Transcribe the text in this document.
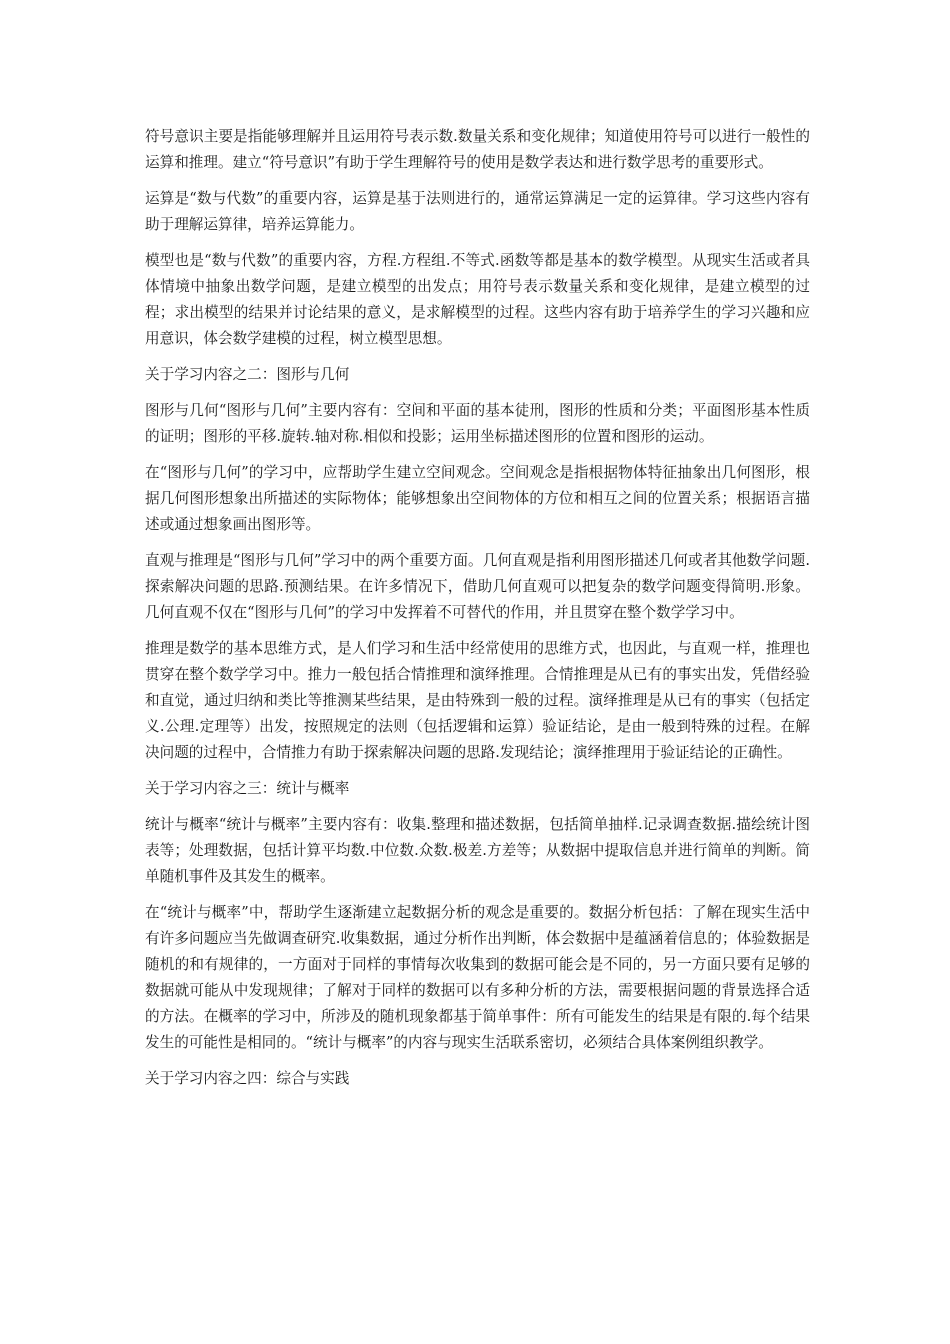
符号意识主要是指能够理解并且运用符号表示数.数量关系和变化规律；知道使用符号可以进行一般性的运算和推理。建立“符号意识”有助于学生理解符号的使用是数学表达和进行数学思考的重要形式。

运算是“数与代数”的重要内容，运算是基于法则进行的，通常运算满足一定的运算律。学习这些内容有助于理解运算律，培养运算能力。

模型也是“数与代数”的重要内容，方程.方程组.不等式.函数等都是基本的数学模型。从现实生活或者具体情境中抽象出数学问题，是建立模型的出发点；用符号表示数量关系和变化规律，是建立模型的过程；求出模型的结果并讨论结果的意义，是求解模型的过程。这些内容有助于培养学生的学习兴趣和应用意识，体会数学建模的过程，树立模型思想。

关于学习内容之二：图形与几何

图形与几何“图形与几何”主要内容有：空间和平面的基本徒刑，图形的性质和分类；平面图形基本性质的证明；图形的平移.旋转.轴对称.相似和投影；运用坐标描述图形的位置和图形的运动。

在“图形与几何”的学习中，应帮助学生建立空间观念。空间观念是指根据物体特征抽象出几何图形，根据几何图形想象出所描述的实际物体；能够想象出空间物体的方位和相互之间的位置关系；根据语言描述或通过想象画出图形等。

直观与推理是“图形与几何”学习中的两个重要方面。几何直观是指利用图形描述几何或者其他数学问题.探索解决问题的思路.预测结果。在许多情况下，借助几何直观可以把复杂的数学问题变得简明.形象。几何直观不仅在“图形与几何”的学习中发挥着不可替代的作用，并且贯穿在整个数学学习中。

推理是数学的基本思维方式，是人们学习和生活中经常使用的思维方式，也因此，与直观一样，推理也贯穿在整个数学学习中。推力一般包括合情推理和演绎推理。合情推理是从已有的事实出发，凭借经验和直觉，通过归纳和类比等推测某些结果，是由特殊到一般的过程。演绎推理是从已有的事实（包括定义.公理.定理等）出发，按照规定的法则（包括逻辑和运算）验证结论，是由一般到特殊的过程。在解决问题的过程中，合情推力有助于探索解决问题的思路.发现结论；演绎推理用于验证结论的正确性。

关于学习内容之三：统计与概率

统计与概率“统计与概率”主要内容有：收集.整理和描述数据，包括简单抽样.记录调查数据.描绘统计图表等；处理数据，包括计算平均数.中位数.众数.极差.方差等；从数据中提取信息并进行简单的判断。简单随机事件及其发生的概率。

在“统计与概率”中，帮助学生逐渐建立起数据分析的观念是重要的。数据分析包括：了解在现实生活中有许多问题应当先做调查研究.收集数据，通过分析作出判断，体会数据中是蕴涵着信息的；体验数据是随机的和有规律的，一方面对于同样的事情每次收集到的数据可能会是不同的，另一方面只要有足够的数据就可能从中发现规律；了解对于同样的数据可以有多种分析的方法，需要根据问题的背景选择合适的方法。在概率的学习中，所涉及的随机现象都基于简单事件：所有可能发生的结果是有限的.每个结果发生的可能性是相同的。“统计与概率”的内容与现实生活联系密切，必须结合具体案例组织教学。

关于学习内容之四：综合与实践
